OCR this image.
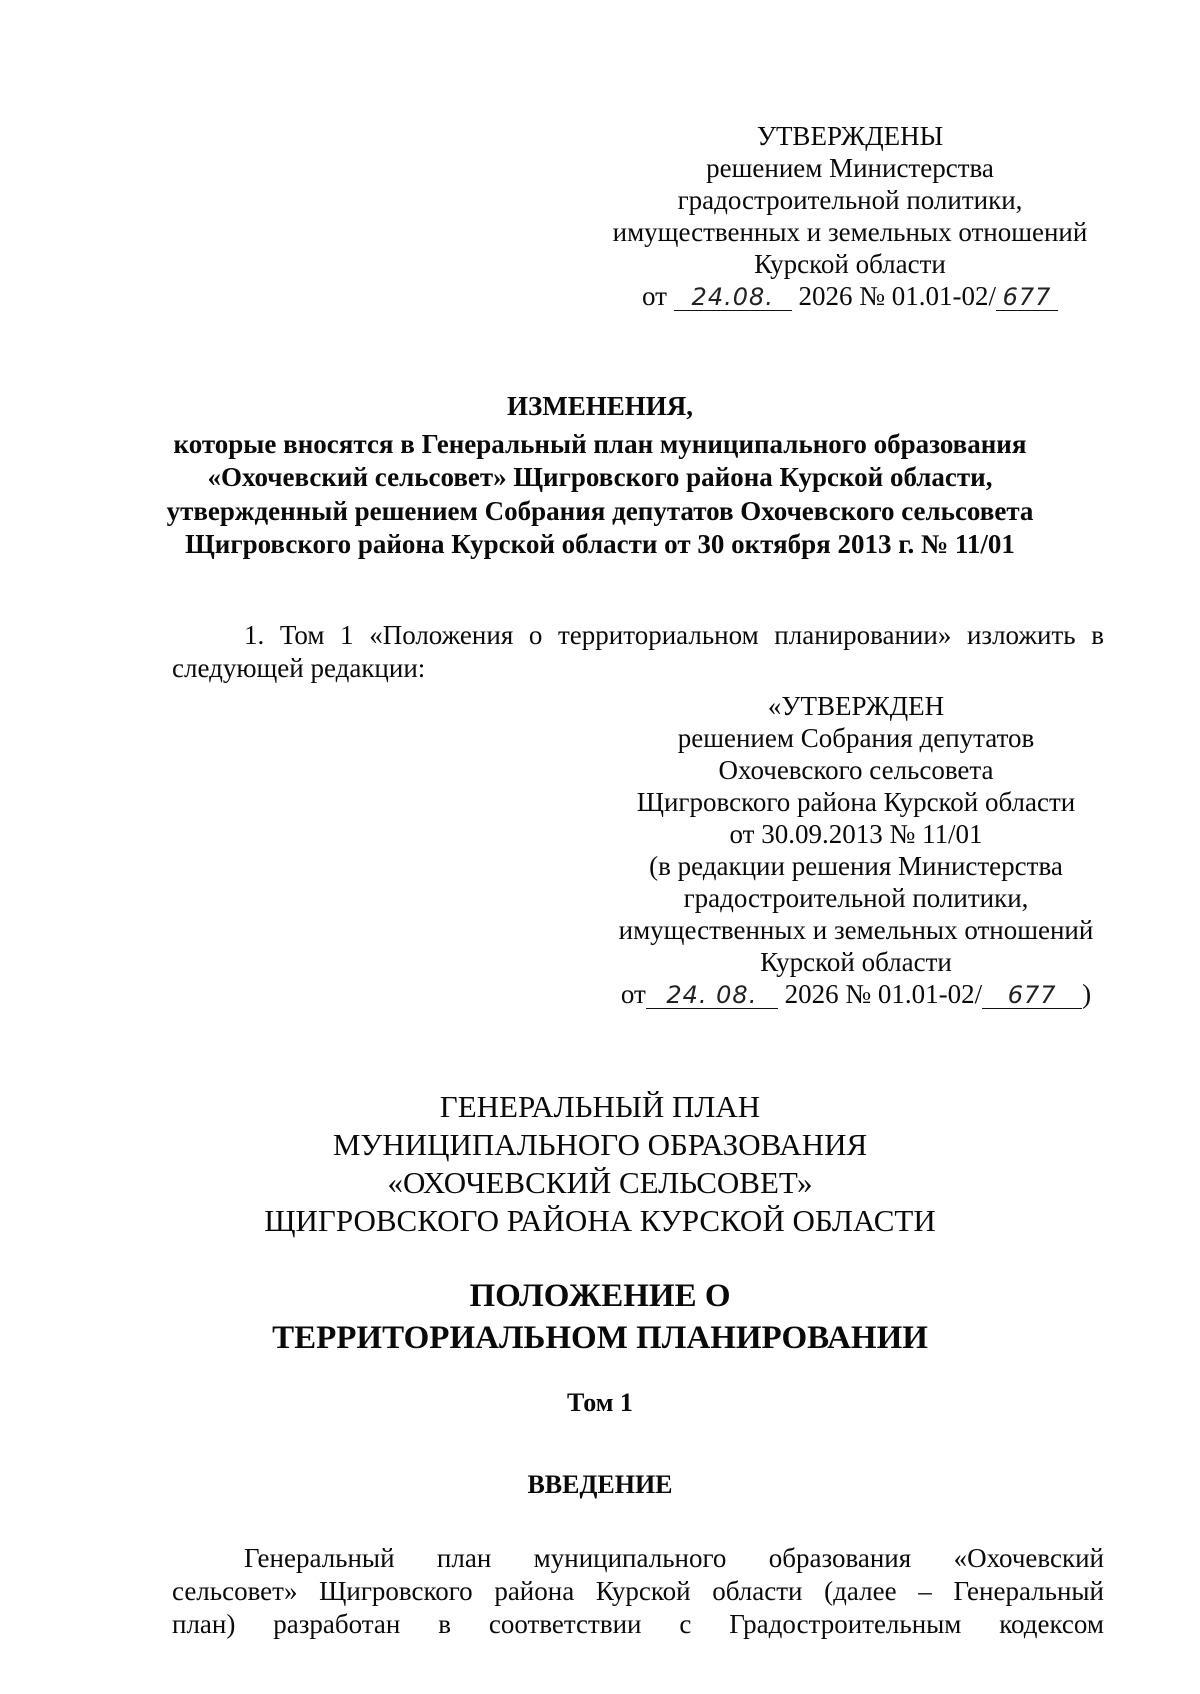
УТВЕРЖДЕНЫ
решением Министерства
градостроительной политики,
имущественных и земельных отношений
Курской области
от 24.08. 2026 № 01.01-02/ 677
ИЗМЕНЕНИЯ,
которые вносятся в Генеральный план муниципального образования
«Охочевский сельсовет» Щигровского района Курской области,
утвержденный решением Собрания депутатов Охочевского сельсовета
Щигровского района Курской области от 30 октября 2013 г. № 11/01
1. Том 1 «Положения о территориальном планировании» изложить в
следующей редакции:
«УТВЕРЖДЕН
решением Собрания депутатов
Охочевского сельсовета
Щигровского района Курской области
от 30.09.2013 № 11/01
(в редакции решения Министерства
градостроительной политики,
имущественных и земельных отношений
Курской области
от 24. 08. 2026 № 01.01-02/ 677 )
ГЕНЕРАЛЬНЫЙ ПЛАН
МУНИЦИПАЛЬНОГО ОБРАЗОВАНИЯ
«ОХОЧЕВСКИЙ СЕЛЬСОВЕТ»
ЩИГРОВСКОГО РАЙОНА КУРСКОЙ ОБЛАСТИ
ПОЛОЖЕНИЕ О
ТЕРРИТОРИАЛЬНОМ ПЛАНИРОВАНИИ
Том 1
ВВЕДЕНИЕ
Генеральный план муниципального образования «Охочевский
сельсовет» Щигровского района Курской области (далее – Генеральный
план) разработан в соответствии с Градостроительным кодексом
